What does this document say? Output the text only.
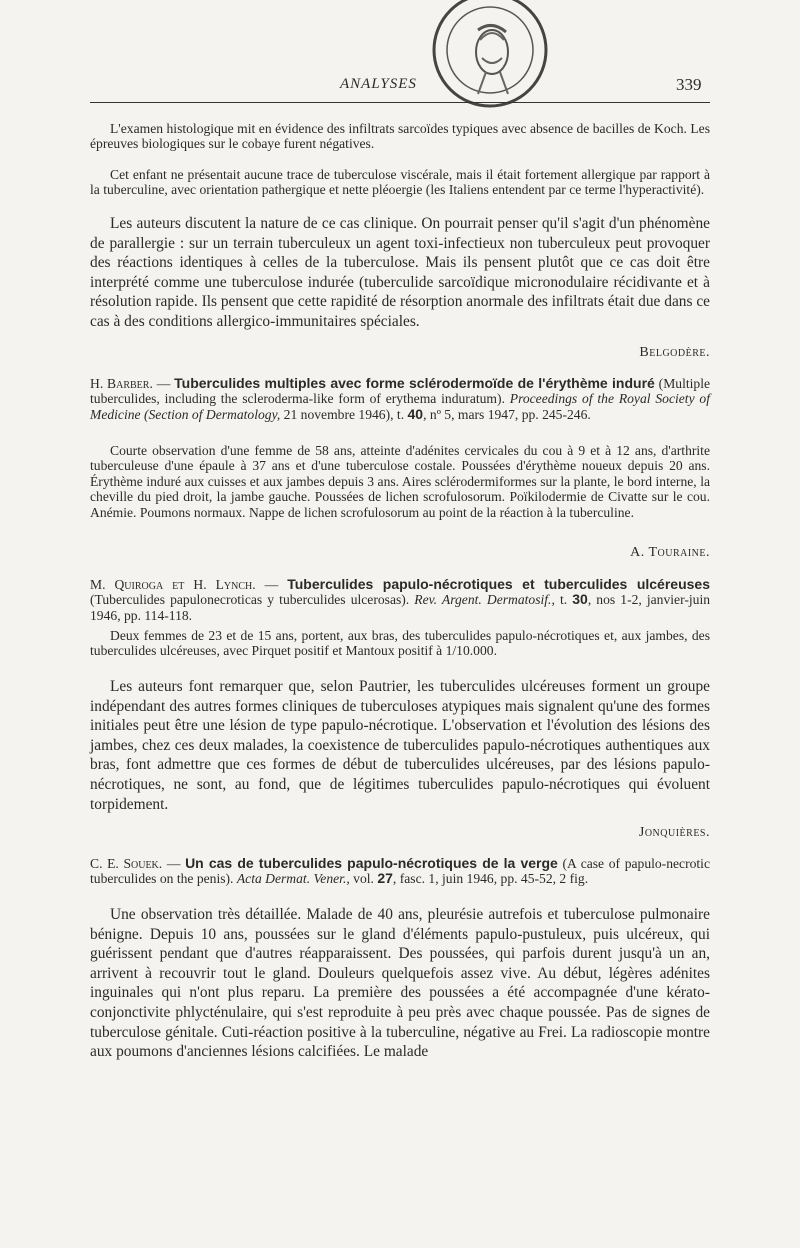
ANALYSES	339

L'examen histologique mit en évidence des infiltrats sarcoïdes typiques avec absence de bacilles de Koch. Les épreuves biologiques sur le cobaye furent négatives.

Cet enfant ne présentait aucune trace de tuberculose viscérale, mais il était fortement allergique par rapport à la tuberculine, avec orientation pathergique et nette pléoergie (les Italiens entendent par ce terme l'hyperactivité).

Les auteurs discutent la nature de ce cas clinique. On pourrait penser qu'il s'agit d'un phénomène de parallergie : sur un terrain tuberculeux un agent toxi-infectieux non tuberculeux peut provoquer des réactions identiques à celles de la tuberculose. Mais ils pensent plutôt que ce cas doit être interprété comme une tuberculose indurée (tuberculide sarcoïdique micronodulaire récidivante et à résolution rapide. Ils pensent que cette rapidité de résorption anormale des infiltrats était due dans ce cas à des conditions allergico-immunitaires spéciales.

Belgodère.

H. Barber. — Tuberculides multiples avec forme sclérodermoïde de l'érythème induré (Multiple tuberculides, including the scleroderma-like form of erythema induratum). Proceedings of the Royal Society of Medicine (Section of Dermatology, 21 novembre 1946), t. 40, nº 5, mars 1947, pp. 245-246.

Courte observation d'une femme de 58 ans, atteinte d'adénites cervicales du cou à 9 et à 12 ans, d'arthrite tuberculeuse d'une épaule à 37 ans et d'une tuberculose costale. Poussées d'érythème noueux depuis 20 ans. Érythème induré aux cuisses et aux jambes depuis 3 ans. Aires sclérodermiformes sur la plante, le bord interne, la cheville du pied droit, la jambe gauche. Poussées de lichen scrofulosorum. Poïkilodermie de Civatte sur le cou. Anémie. Poumons normaux. Nappe de lichen scrofulosorum au point de la réaction à la tuberculine.

A. Touraine.

M. Quiroga et H. Lynch. — Tuberculides papulo-nécrotiques et tuberculides ulcéreuses (Tuberculides papulonecroticas y tuberculides ulcerosas). Rev. Argent. Dermatosif., t. 30, nos 1-2, janvier-juin 1946, pp. 114-118.

Deux femmes de 23 et de 15 ans, portent, aux bras, des tuberculides papulo-nécrotiques et, aux jambes, des tuberculides ulcéreuses, avec Pirquet positif et Mantoux positif à 1/10.000.

Les auteurs font remarquer que, selon Pautrier, les tuberculides ulcéreuses forment un groupe indépendant des autres formes cliniques de tuberculoses atypiques mais signalent qu'une des formes initiales peut être une lésion de type papulo-nécrotique. L'observation et l'évolution des lésions des jambes, chez ces deux malades, la coexistence de tuberculides papulo-nécrotiques authentiques aux bras, font admettre que ces formes de début de tuberculides ulcéreuses, par des lésions papulo-nécrotiques, ne sont, au fond, que de légitimes tuberculides papulo-nécrotiques qui évoluent torpidement.

Jonquières.

C. E. Souek. — Un cas de tuberculides papulo-nécrotiques de la verge (A case of papulo-necrotic tuberculides on the penis). Acta Dermat. Vener., vol. 27, fasc. 1, juin 1946, pp. 45-52, 2 fig.

Une observation très détaillée. Malade de 40 ans, pleurésie autrefois et tuberculose pulmonaire bénigne. Depuis 10 ans, poussées sur le gland d'éléments papulo-pustuleux, puis ulcéreux, qui guérissent pendant que d'autres réapparaissent. Des poussées, qui parfois durent jusqu'à un an, arrivent à recouvrir tout le gland. Douleurs quelquefois assez vive. Au début, légères adénites inguinales qui n'ont plus reparu. La première des poussées a été accompagnée d'une kérato-conjonctivite phlycténulaire, qui s'est reproduite à peu près avec chaque poussée. Pas de signes de tuberculose génitale. Cuti-réaction positive à la tuberculine, négative au Frei. La radioscopie montre aux poumons d'anciennes lésions calcifiées. Le malade
